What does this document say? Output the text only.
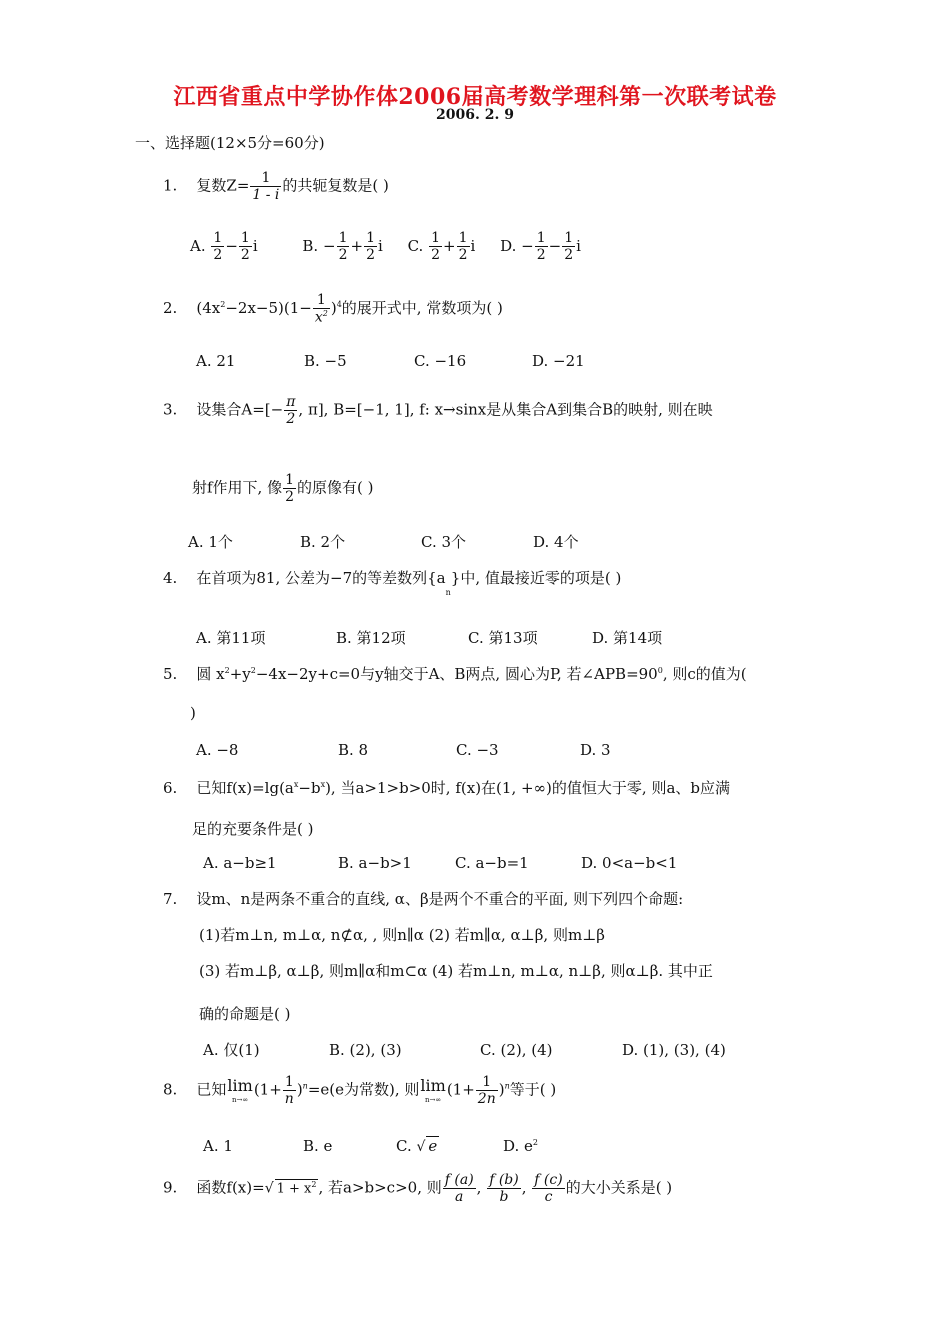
江西省重点中学协作体2006届高考数学理科第一次联考试卷
2006. 2. 9
一、选择题(12×5分=60分)
1. 复数$Z= \frac{1}{1 - i}$ 的共轭复数是( )
A. $\frac{1}{2} - \frac{1}{2}$ i	B. − $\frac{1}{2} + \frac{1}{2}$ i C. $\frac{1}{2} + \frac{1}{2}$ i D. − $\frac{1}{2} - \frac{1}{2}$ i
2. $(4x^2-2x-5)(1- \frac{1}{x^2} )^4$的展开式中, 常数项为( )
A. 21	B. −5	C. −16	D. −21
3. 设集合$A=[- \frac{\pi}{2}$ , π], B=[−1, 1], f: x→sinx是从集合A到集合B的映射, 则在映
射f作用下, 像 $\frac{1}{2}$ 的原像有( )
A. 1个	B. 2个	C. 3个	D. 4个
4. 在首项为81, 公差为−7的等差数列$\{a_n\}$中, 值最接近零的项是( )
A. 第11项	B. 第12项	C. 第13项	D. 第14项
5. 圆 $x^2+y^2-4x-2y+c=0$与y轴交于A、B两点, 圆心为P, 若$\angle APB=90^0$, 则c的值为(
)
A. −8	B. 8	C. −3	D. 3
6. 已知$f(x)=\lg(a^x-b^x)$, 当a>1>b>0时, f(x)在(1, +∞)的值恒大于零, 则a、b应满
足的充要条件是( )
A. a−b≥1	B. a−b>1	C. a−b=1	D. 0<a−b<1
7. 设m、n是两条不重合的直线, α、β是两个不重合的平面, 则下列四个命题:
(1)若m⊥n, m⊥α, n⊄α, , 则n∥α (2) 若m∥α, α⊥β, 则m⊥β
(3) 若m⊥β, α⊥β, 则m∥α和m⊂α (4) 若m⊥n, m⊥α, n⊥β, 则α⊥β. 其中正
确的命题是( )
A. 仅(1)	B. (2), (3)	C. (2), (4)	D. (1), (3), (4)
8. 已知 lim
n→∞
$(1+ \frac{1}{n} )^n=e(e$为常数), 则 lim
n→∞
$(1+ \frac{1}{2n} )^n$等于( )
A. 1	B. e	C. √ e	D. $e^2$
9. 函数f(x)=√ $1 + x^2$ , 若a>b>c>0, 则 $\frac{f (a)}{a}$ , $\frac{f (b)}{b}$ , $\frac{f (c)}{c}$ 的大小关系是( )
